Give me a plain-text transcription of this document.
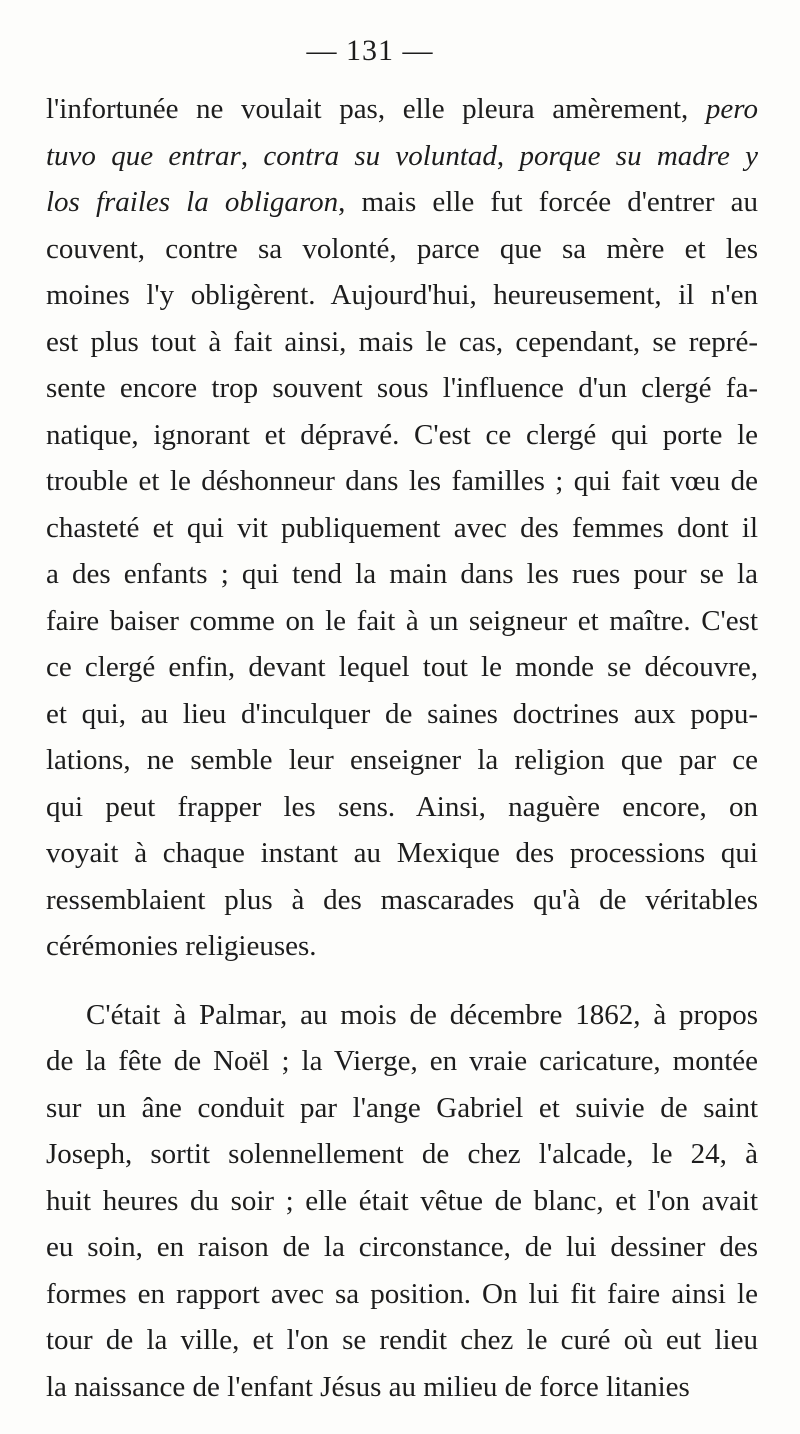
— 131 —
l'infortunée ne voulait pas, elle pleura amèrement, pero
tuvo que entrar, contra su voluntad, porque su madre y
los frailes la obligaron, mais elle fut forcée d'entrer au
couvent, contre sa volonté, parce que sa mère et les
moines l'y obligèrent. Aujourd'hui, heureusement, il n'en
est plus tout à fait ainsi, mais le cas, cependant, se repré-
sente encore trop souvent sous l'influence d'un clergé fa-
natique, ignorant et dépravé. C'est ce clergé qui porte le
trouble et le déshonneur dans les familles ; qui fait vœu de
chasteté et qui vit publiquement avec des femmes dont il
a des enfants ; qui tend la main dans les rues pour se la
faire baiser comme on le fait à un seigneur et maître. C'est
ce clergé enfin, devant lequel tout le monde se découvre,
et qui, au lieu d'inculquer de saines doctrines aux popu-
lations, ne semble leur enseigner la religion que par ce
qui peut frapper les sens. Ainsi, naguère encore, on
voyait à chaque instant au Mexique des processions qui
ressemblaient plus à des mascarades qu'à de véritables
cérémonies religieuses.
C'était à Palmar, au mois de décembre 1862, à propos
de la fête de Noël ; la Vierge, en vraie caricature, montée
sur un âne conduit par l'ange Gabriel et suivie de saint
Joseph, sortit solennellement de chez l'alcade, le 24, à
huit heures du soir ; elle était vêtue de blanc, et l'on avait
eu soin, en raison de la circonstance, de lui dessiner des
formes en rapport avec sa position. On lui fit faire ainsi le
tour de la ville, et l'on se rendit chez le curé où eut lieu
la naissance de l'enfant Jésus au milieu de force litanies
